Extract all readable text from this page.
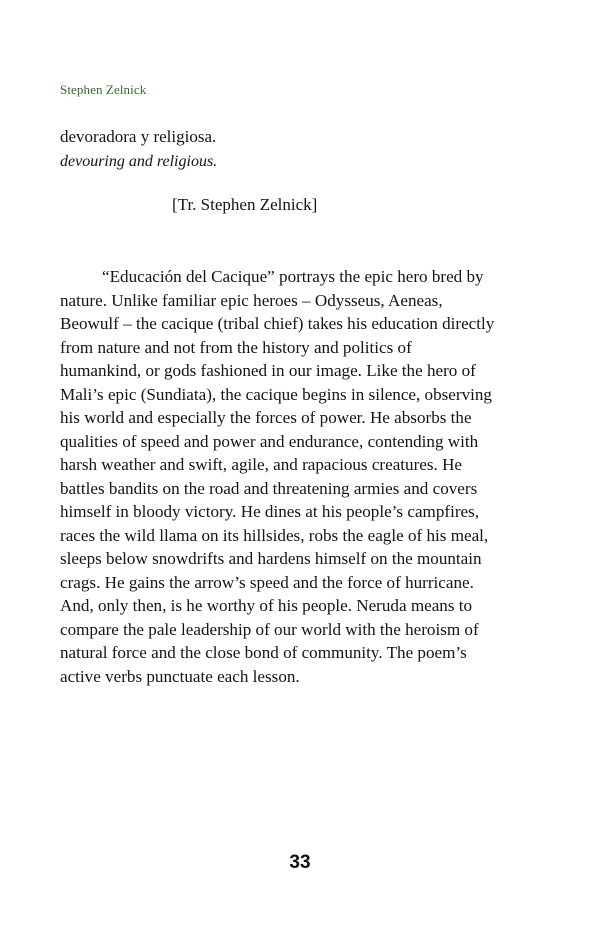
Stephen Zelnick
devoradora y religiosa.
devouring and religious.
[Tr. Stephen Zelnick]
“Educación del Cacique” portrays the epic hero bred by
nature. Unlike familiar epic heroes – Odysseus, Aeneas,
Beowulf – the cacique (tribal chief) takes his education directly
from nature and not from the history and politics of
humankind, or gods fashioned in our image. Like the hero of
Mali’s epic (Sundiata), the cacique begins in silence, observing
his world and especially the forces of power. He absorbs the
qualities of speed and power and endurance, contending with
harsh weather and swift, agile, and rapacious creatures. He
battles bandits on the road and threatening armies and covers
himself in bloody victory. He dines at his people’s campfires,
races the wild llama on its hillsides, robs the eagle of his meal,
sleeps below snowdrifts and hardens himself on the mountain
crags. He gains the arrow’s speed and the force of hurricane.
And, only then, is he worthy of his people. Neruda means to
compare the pale leadership of our world with the heroism of
natural force and the close bond of community. The poem’s
active verbs punctuate each lesson.
33
